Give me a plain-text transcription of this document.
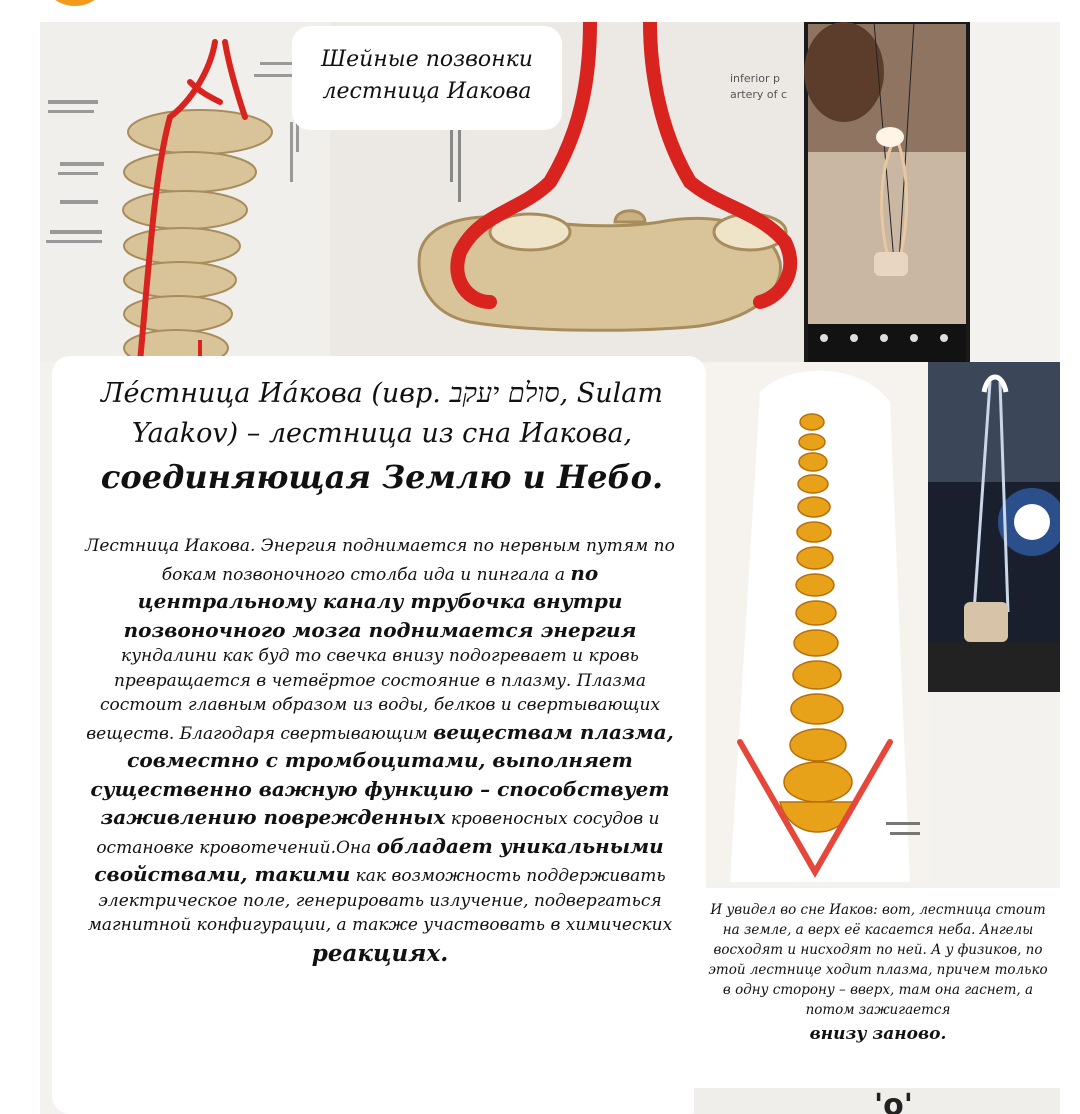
inferior p
artery of c
Шейные позвонки
лестница Иакова
Ле́стница Иа́кова (ивр. סולם יעקב, Sulam
Yaakov) – лестница из сна Иакова,
соединяющая Землю и Небо.
Лестница Иакова. Энергия поднимается по нервным путям по бокам позвоночного столба ида и пингала а по центральному каналу трубочка внутри позвоночного мозга поднимается энергия кундалини как буд то свечка внизу подогревает и кровь превращается в четвёртое состояние в плазму. Плазма состоит главным образом из воды, белков и свертывающих веществ. Благодаря свертывающим веществам плазма, совместно с тромбоцитами, выполняет существенно важную функцию – способствует заживлению поврежденных кровеносных сосудов и остановке кровотечений.Она обладает уникальными свойствами, такими как возможность поддерживать электрическое поле, генерировать излучение, подвергаться магнитной конфигурации, а также участвовать в химических
реакциях.
И увидел во сне Иаков: вот, лестница стоит на земле, а верх её касается неба. Ангелы восходят и нисходят по ней. А у физиков, по этой лестнице ходит плазма, причем только в одну сторону – вверх, там она гаснет, а потом зажигается
внизу заново.
'o'
